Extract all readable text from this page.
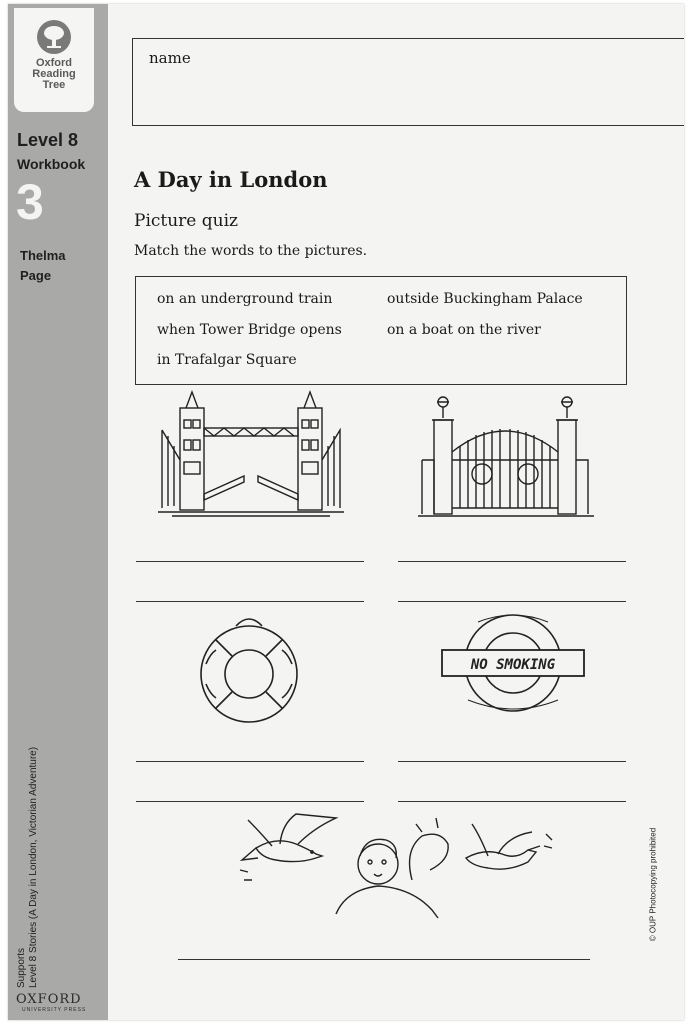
Oxford
Reading
Tree
Level 8
Workbook
3
Thelma
Page
Supports Level 8 Stories (A Day in London, Victorian Adventure)
OXFORD
UNIVERSITY PRESS
name
A Day in London
Picture quiz
Match the words to the pictures.
on an underground train	outside Buckingham Palace
when Tower Bridge opens	on a boat on the river
in Trafalgar Square
NO SMOKING
© OUP Photocopying prohibited
